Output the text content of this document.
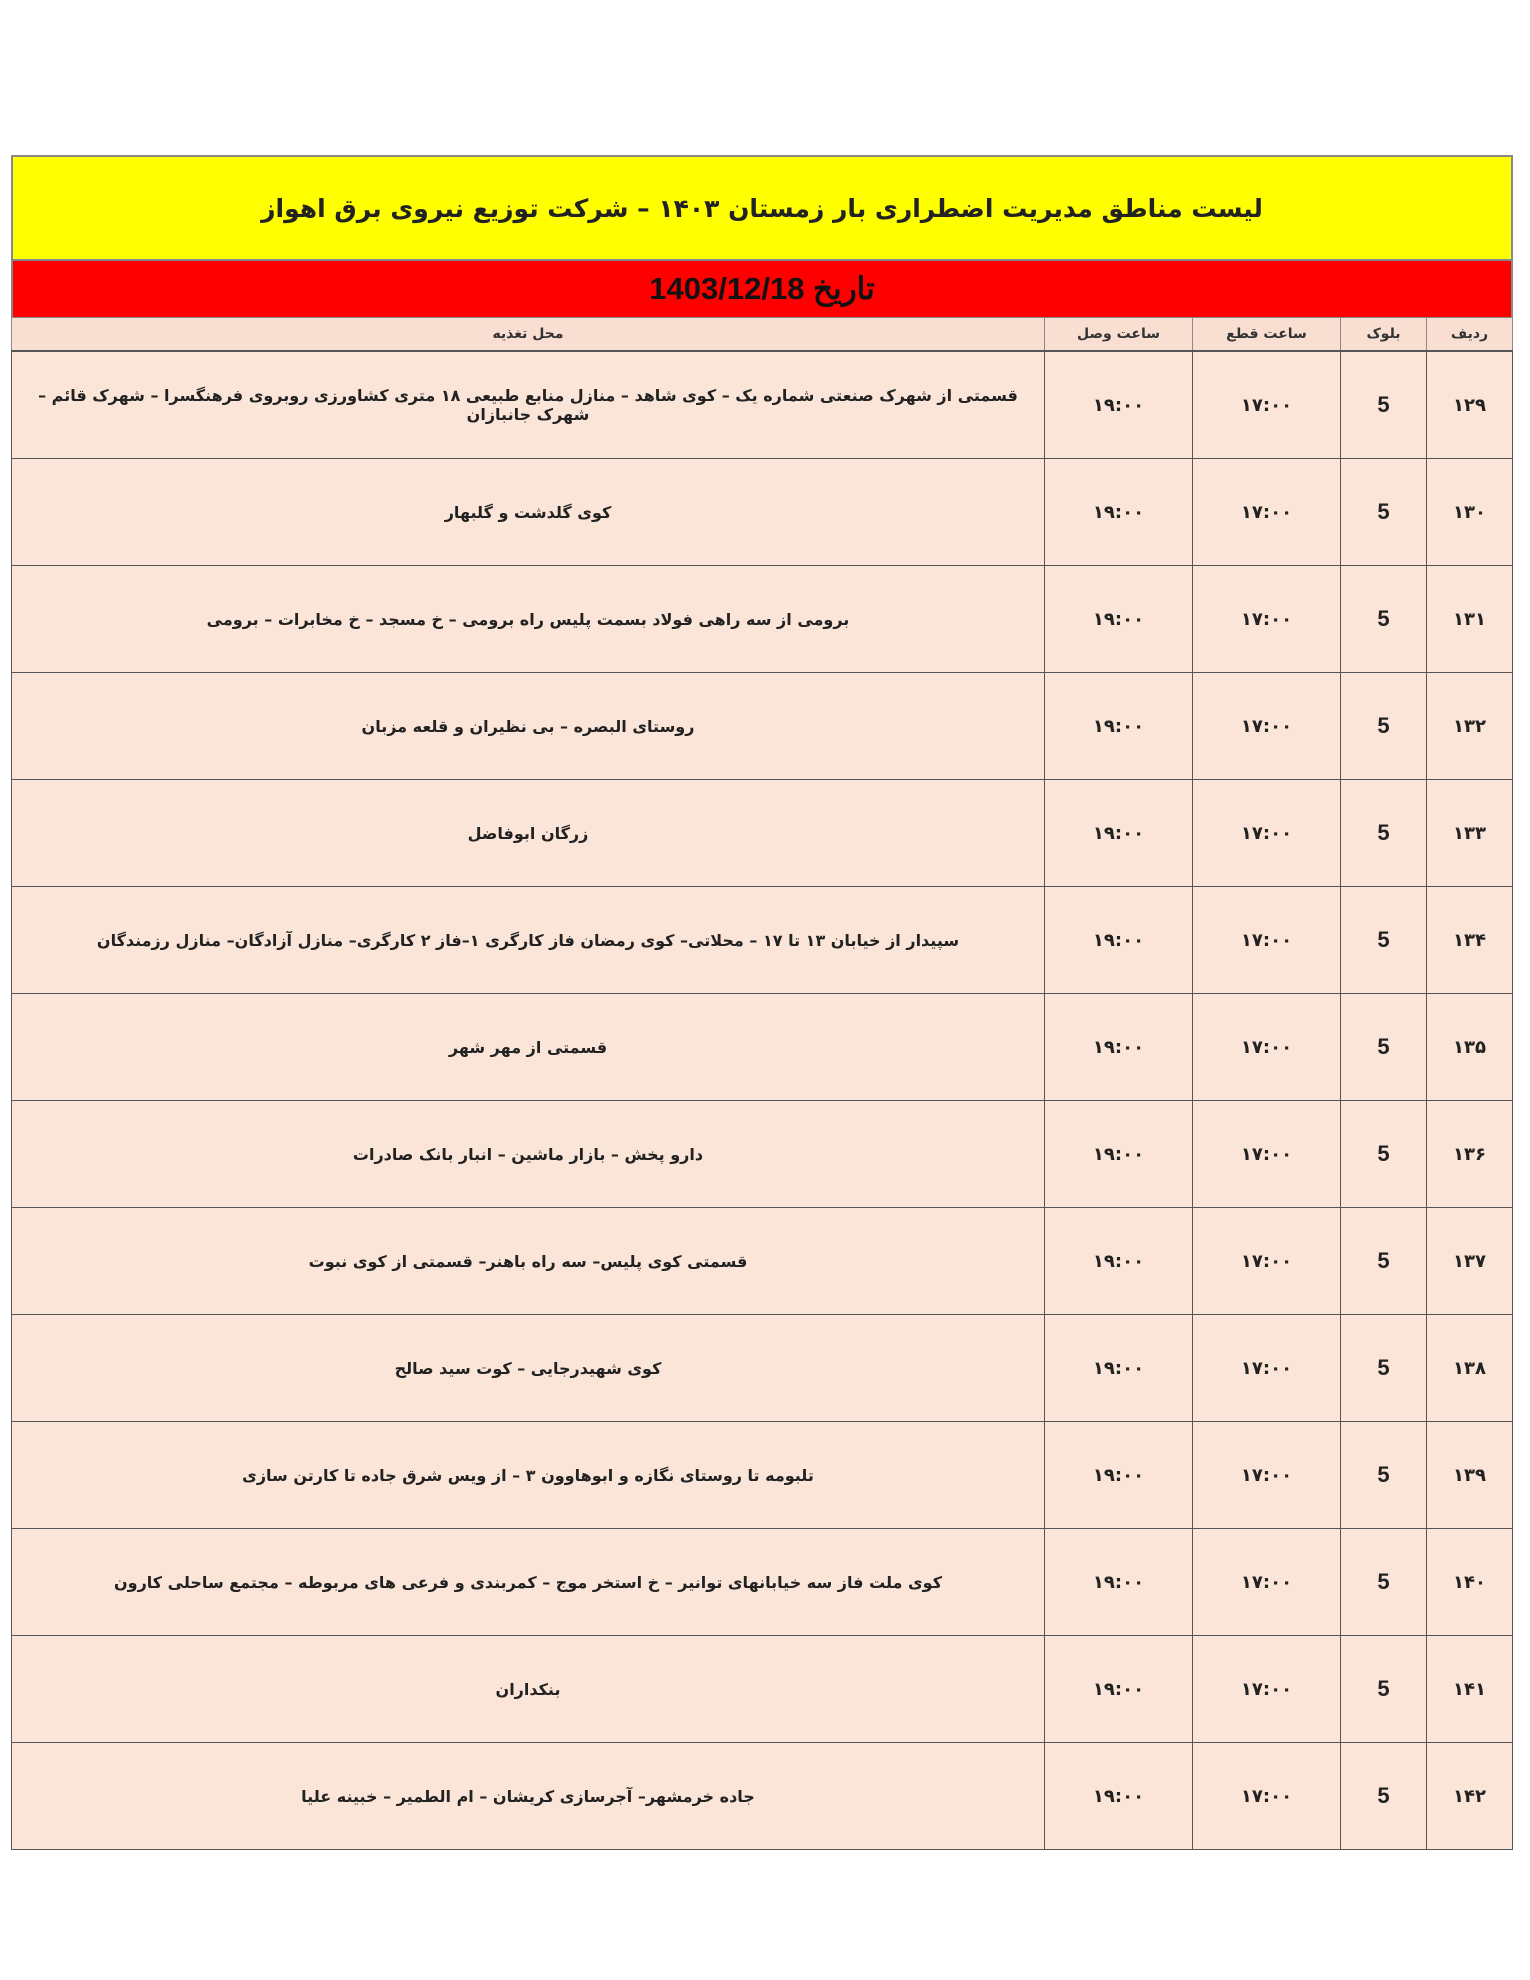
لیست مناطق مدیریت اضطراری بار زمستان ۱۴۰۳ – شرکت توزیع نیروی برق اهواز
تاریخ 1403/12/18
ردیف	بلوک	ساعت قطع	ساعت وصل	محل تغذیه
۱۲۹	5	۱۷:۰۰	۱۹:۰۰	قسمتی از شهرک صنعتی شماره یک – کوی شاهد – منازل منابع طبیعی ۱۸ متری کشاورزی روبروی فرهنگسرا – شهرک قائم – شهرک جانبازان
۱۳۰	5	۱۷:۰۰	۱۹:۰۰	کوی گلدشت و گلبهار
۱۳۱	5	۱۷:۰۰	۱۹:۰۰	برومی از سه راهی فولاد بسمت پلیس راه برومی – خ مسجد – خ مخابرات – برومی
۱۳۲	5	۱۷:۰۰	۱۹:۰۰	روستای البصره – بی نظیران و قلعه مزبان
۱۳۳	5	۱۷:۰۰	۱۹:۰۰	زرگان ابوفاضل
۱۳۴	5	۱۷:۰۰	۱۹:۰۰	سپیدار از خیابان ۱۳ تا ۱۷ – محلاتی– کوی رمضان فاز کارگری ۱–فاز ۲ کارگری– منازل آزادگان– منازل رزمندگان
۱۳۵	5	۱۷:۰۰	۱۹:۰۰	قسمتی از مهر شهر
۱۳۶	5	۱۷:۰۰	۱۹:۰۰	دارو پخش – بازار ماشین – انبار بانک صادرات
۱۳۷	5	۱۷:۰۰	۱۹:۰۰	قسمتی کوی پلیس– سه راه باهنر– قسمتی از کوی نبوت
۱۳۸	5	۱۷:۰۰	۱۹:۰۰	کوی شهیدرجایی – کوت سید صالح
۱۳۹	5	۱۷:۰۰	۱۹:۰۰	تلبومه تا روستای نگازه و ابوهاوون ۳ – از ویس شرق جاده تا کارتن سازی
۱۴۰	5	۱۷:۰۰	۱۹:۰۰	کوی ملت فاز سه خیابانهای توانیر – خ استخر موج – کمربندی و فرعی های مربوطه – مجتمع ساحلی کارون
۱۴۱	5	۱۷:۰۰	۱۹:۰۰	بنکداران
۱۴۲	5	۱۷:۰۰	۱۹:۰۰	جاده خرمشهر– آجرسازی کریشان – ام الطمیر – خبینه علیا
